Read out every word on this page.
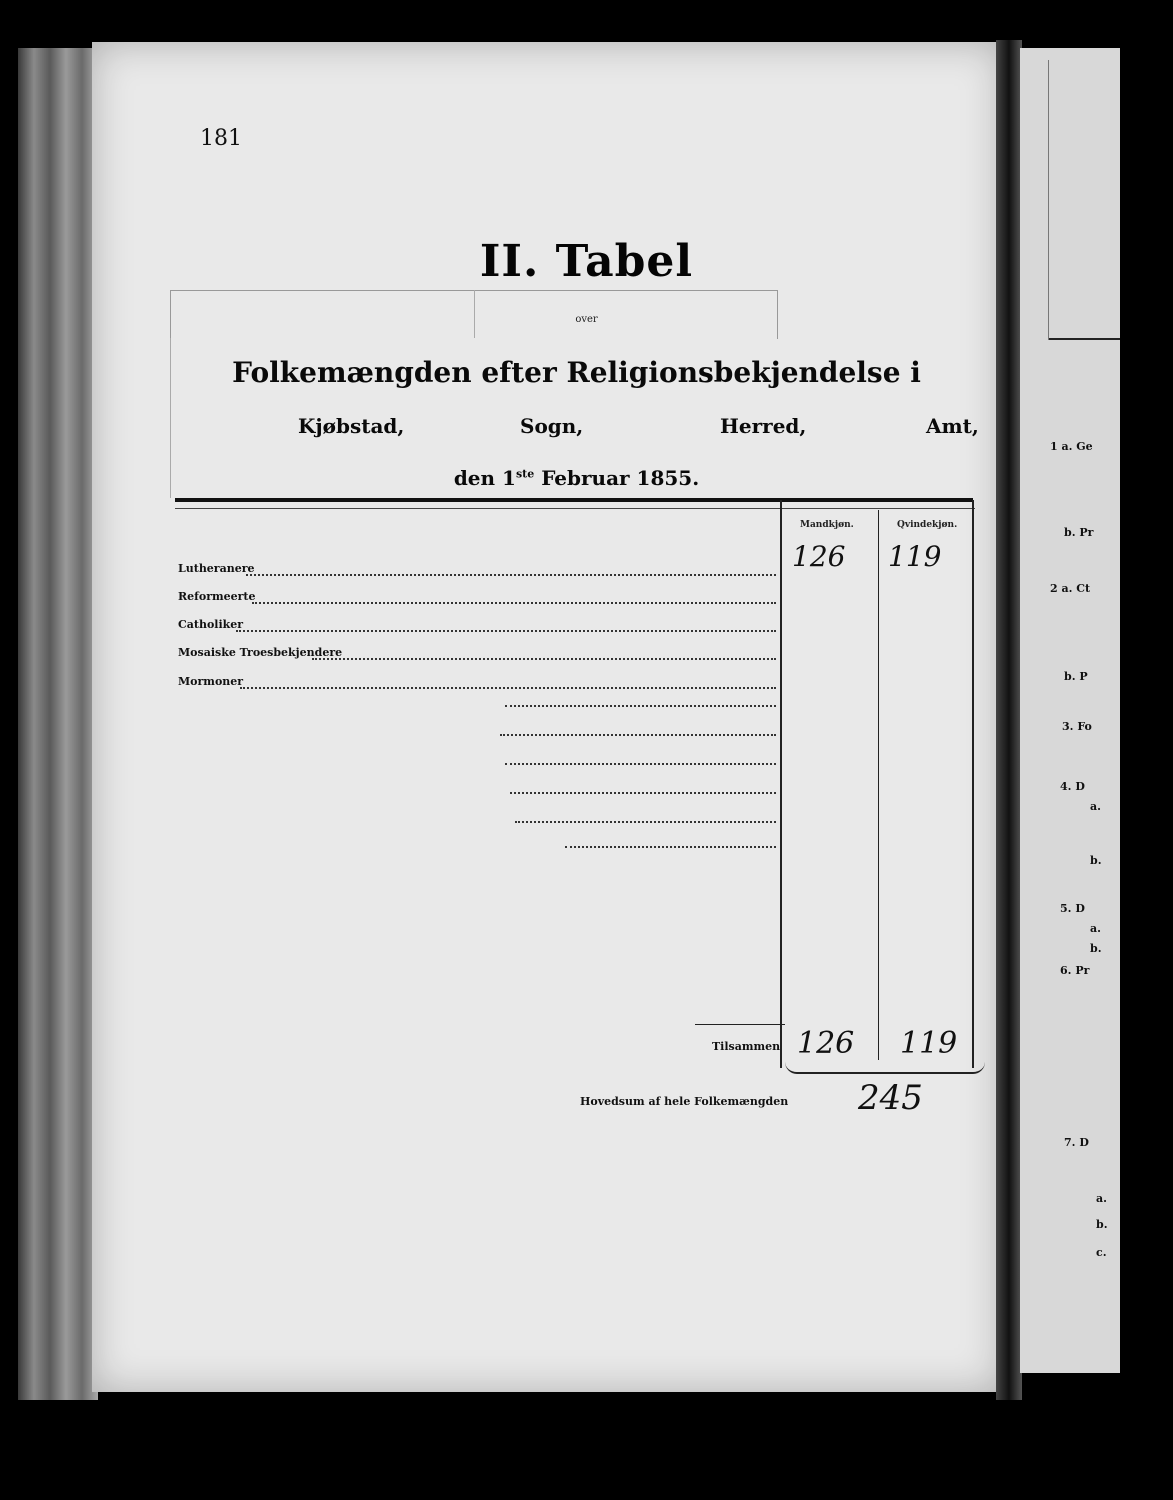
ﾠ
181
II. Tabel
over
Folkemængden efter Religionsbekjendelse i
Kjøbstad,	Sogn,	Herred,	Amt,
den 1ste Februar 1855.
Mandkjøn.	Qvindekjøn.
Lutheranere	126 119
Reformeerte
Catholiker
Mosaiske Troesbekjendere
Mormoner
Tilsammen 126 119
Hovedsum af hele Folkemængden 245
1 a. Ge
b. Pr
2 a. Ct
b. P
3. Fo
4. D
5. D
6. Pr
7. D
a.
b.
a.
b.
a.
b.
c.
